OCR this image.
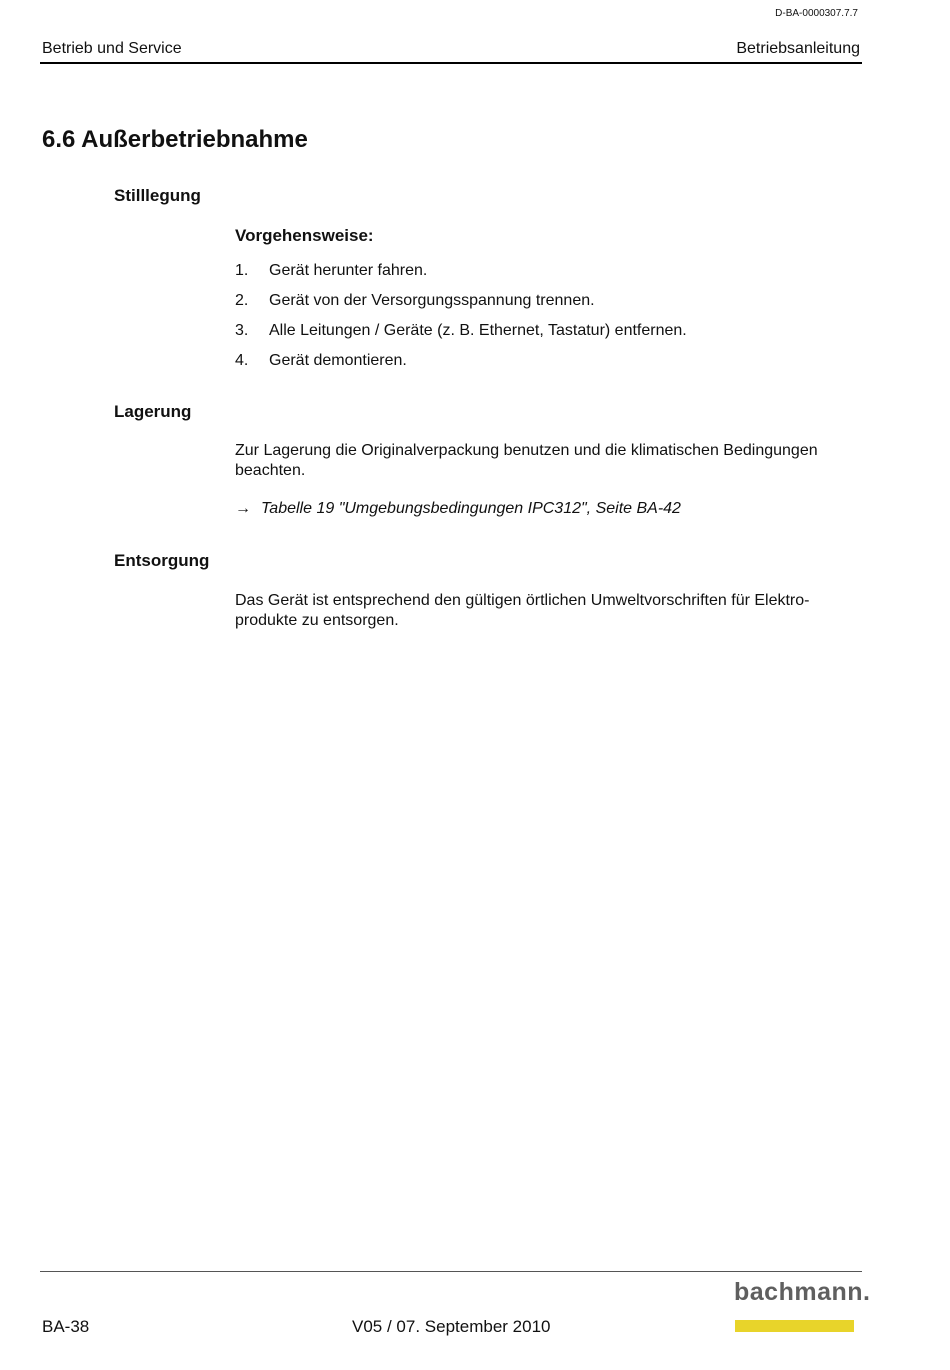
D-BA-0000307.7.7
Betrieb und Service	Betriebsanleitung
6.6 Außerbetriebnahme
Stilllegung
Vorgehensweise:
1.	Gerät herunter fahren.
2.	Gerät von der Versorgungsspannung trennen.
3.	Alle Leitungen / Geräte (z. B. Ethernet, Tastatur) entfernen.
4.	Gerät demontieren.
Lagerung
Zur Lagerung die Originalverpackung benutzen und die klimatischen Bedingungen beachten.
→ Tabelle 19 "Umgebungsbedingungen IPC312", Seite BA-42
Entsorgung
Das Gerät ist entsprechend den gültigen örtlichen Umweltvorschriften für Elektro-produkte zu entsorgen.
BA-38	V05 / 07. September 2010
bachmann.
